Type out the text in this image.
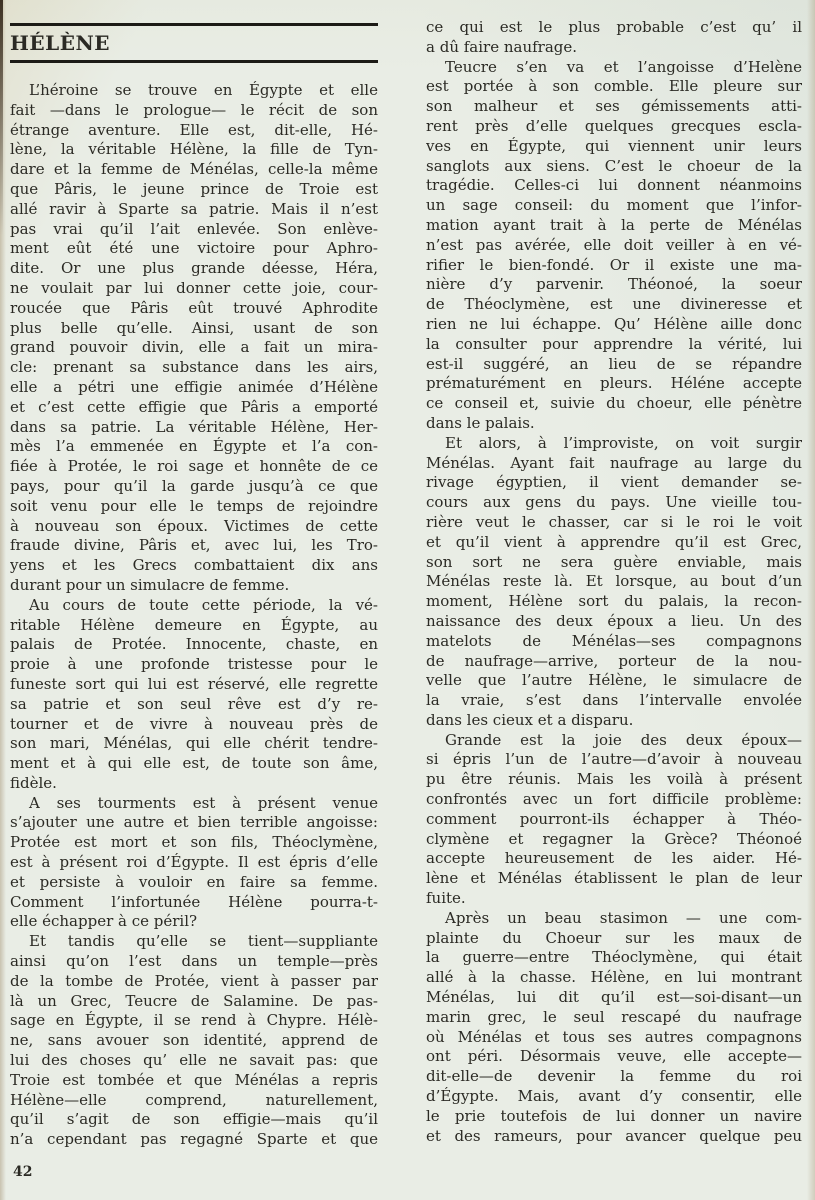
HÉLÈNE
L’héroine se trouve en Égypte et elle
fait —dans le prologue— le récit de son
étrange aventure. Elle est, dit-elle, Hé-
lène, la véritable Hélène, la fille de Tyn-
dare et la femme de Ménélas, celle-la même
que Pâris, le jeune prince de Troie est
allé ravir à Sparte sa patrie. Mais il n’est
pas vrai qu’il l’ait enlevée. Son enlève-
ment eût été une victoire pour Aphro-
dite. Or une plus grande déesse, Héra,
ne voulait par lui donner cette joie, cour-
roucée que Pâris eût trouvé Aphrodite
plus belle qu’elle. Ainsi, usant de son
grand pouvoir divin, elle a fait un mira-
cle: prenant sa substance dans les airs,
elle a pétri une effigie animée d’Hélène
et c’est cette effigie que Pâris a emporté
dans sa patrie. La véritable Hélène, Her-
mès l’a emmenée en Égypte et l’a con-
fiée à Protée, le roi sage et honnête de ce
pays, pour qu’il la garde jusqu’à ce que
soit venu pour elle le temps de rejoindre
à nouveau son époux. Victimes de cette
fraude divine, Pâris et, avec lui, les Tro-
yens et les Grecs combattaient dix ans
durant pour un simulacre de femme.
Au cours de toute cette période, la vé-
ritable Hélène demeure en Égypte, au
palais de Protée. Innocente, chaste, en
proie à une profonde tristesse pour le
funeste sort qui lui est réservé, elle regrette
sa patrie et son seul rêve est d’y re-
tourner et de vivre à nouveau près de
son mari, Ménélas, qui elle chérit tendre-
ment et à qui elle est, de toute son âme,
fidèle.
A ses tourments est à présent venue
s’ajouter une autre et bien terrible angoisse:
Protée est mort et son fils, Théoclymène,
est à présent roi d’Égypte. Il est épris d’elle
et persiste à vouloir en faire sa femme.
Comment l’infortunée Hélène pourra-t-
elle échapper à ce péril?
Et tandis qu’elle se tient—suppliante
ainsi qu’on l’est dans un temple—près
de la tombe de Protée, vient à passer par
là un Grec, Teucre de Salamine. De pas-
sage en Égypte, il se rend à Chypre. Hélè-
ne, sans avouer son identité, apprend de
lui des choses qu’ elle ne savait pas: que
Troie est tombée et que Ménélas a repris
Hélène—elle comprend, naturellement,
qu’il s’agit de son effigie—mais qu’il
n’a cependant pas regagné Sparte et que
ce qui est le plus probable c’est qu’ il
a dû faire naufrage.
Teucre s’en va et l’angoisse d’Helène
est portée à son comble. Elle pleure sur
son malheur et ses gémissements atti-
rent près d’elle quelques grecques escla-
ves en Égypte, qui viennent unir leurs
sanglots aux siens. C’est le choeur de la
tragédie. Celles-ci lui donnent néanmoins
un sage conseil: du moment que l’infor-
mation ayant trait à la perte de Ménélas
n’est pas avérée, elle doit veiller à en vé-
rifier le bien-fondé. Or il existe une ma-
nière d’y parvenir. Théonoé, la soeur
de Théoclymène, est une divineresse et
rien ne lui échappe. Qu’ Hélène aille donc
la consulter pour apprendre la vérité, lui
est-il suggéré, an lieu de se répandre
prématurément en pleurs. Héléne accepte
ce conseil et, suivie du choeur, elle pénètre
dans le palais.
Et alors, à l’improviste, on voit surgir
Ménélas. Ayant fait naufrage au large du
rivage égyptien, il vient demander se-
cours aux gens du pays. Une vieille tou-
rière veut le chasser, car si le roi le voit
et qu’il vient à apprendre qu’il est Grec,
son sort ne sera guère enviable, mais
Ménélas reste là. Et lorsque, au bout d’un
moment, Hélène sort du palais, la recon-
naissance des deux époux a lieu. Un des
matelots de Ménélas—ses compagnons
de naufrage—arrive, porteur de la nou-
velle que l’autre Hélène, le simulacre de
la vraie, s’est dans l’intervalle envolée
dans les cieux et a disparu.
Grande est la joie des deux époux—
si épris l’un de l’autre—d’avoir à nouveau
pu être réunis. Mais les voilà à présent
confrontés avec un fort difficile problème:
comment pourront-ils échapper à Théo-
clymène et regagner la Grèce? Théonoé
accepte heureusement de les aider. Hé-
lène et Ménélas établissent le plan de leur
fuite.
Après un beau stasimon — une com-
plainte du Choeur sur les maux de
la guerre—entre Théoclymène, qui était
allé à la chasse. Hélène, en lui montrant
Ménélas, lui dit qu’il est—soi-disant—un
marin grec, le seul rescapé du naufrage
où Ménélas et tous ses autres compagnons
ont péri. Désormais veuve, elle accepte—
dit-elle—de devenir la femme du roi
d’Égypte. Mais, avant d’y consentir, elle
le prie toutefois de lui donner un navire
et des rameurs, pour avancer quelque peu
42
